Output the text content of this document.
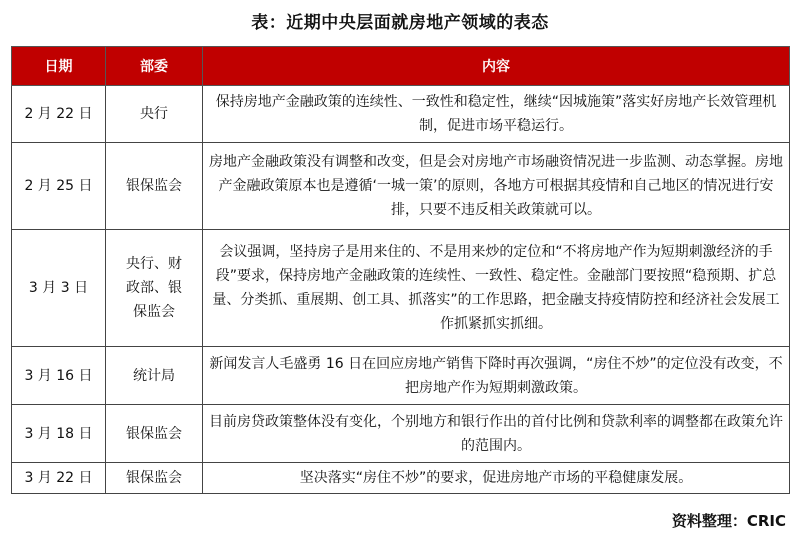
表：近期中央层面就房地产领域的表态
日期	部委	内容
2 月 22 日	央行	保持房地产金融政策的连续性、一致性和稳定性，继续“因城施策”落实好房地产长效管理机制，促进市场平稳运行。
2 月 25 日	银保监会	房地产金融政策没有调整和改变，但是会对房地产市场融资情况进一步监测、动态掌握。房地产金融政策原本也是遵循‘一城一策’的原则，各地方可根据其疫情和自己地区的情况进行安排，只要不违反相关政策就可以。
3 月 3 日	央行、财政部、银保监会	会议强调，坚持房子是用来住的、不是用来炒的定位和“不将房地产作为短期刺激经济的手段”要求，保持房地产金融政策的连续性、一致性、稳定性。金融部门要按照“稳预期、扩总量、分类抓、重展期、创工具、抓落实”的工作思路，把金融支持疫情防控和经济社会发展工作抓紧抓实抓细。
3 月 16 日	统计局	新闻发言人毛盛勇 16 日在回应房地产销售下降时再次强调，“房住不炒”的定位没有改变，不把房地产作为短期刺激政策。
3 月 18 日	银保监会	目前房贷政策整体没有变化，个别地方和银行作出的首付比例和贷款利率的调整都在政策允许的范围内。
3 月 22 日	银保监会	坚决落实“房住不炒”的要求，促进房地产市场的平稳健康发展。
资料整理：CRIC
